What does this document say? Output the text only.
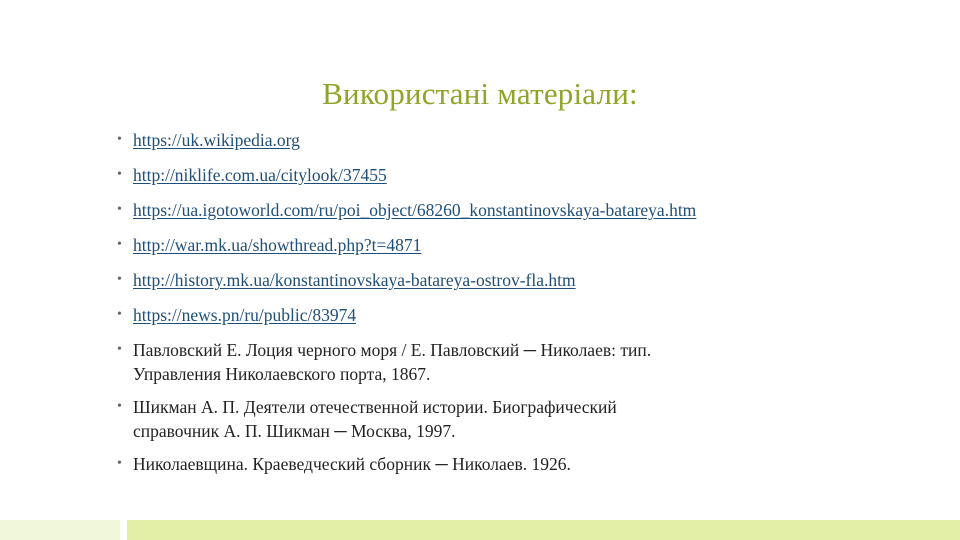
Використані матеріали:
• https://uk.wikipedia.org
• http://niklife.com.ua/citylook/37455
• https://ua.igotoworld.com/ru/poi_object/68260_konstantinovskaya-batareya.htm
• http://war.mk.ua/showthread.php?t=4871
• http://history.mk.ua/konstantinovskaya-batareya-ostrov-fla.htm
• https://news.pn/ru/public/83974
• Павловский Е. Лоция черного моря / Е. Павловский ─ Николаев: тип.
Управления Николаевского порта, 1867.
• Шикман А. П. Деятели отечественной истории. Биографический
справочник А. П. Шикман ─ Москва, 1997.
• Николаевщина. Краеведческий сборник ─ Николаев. 1926.
